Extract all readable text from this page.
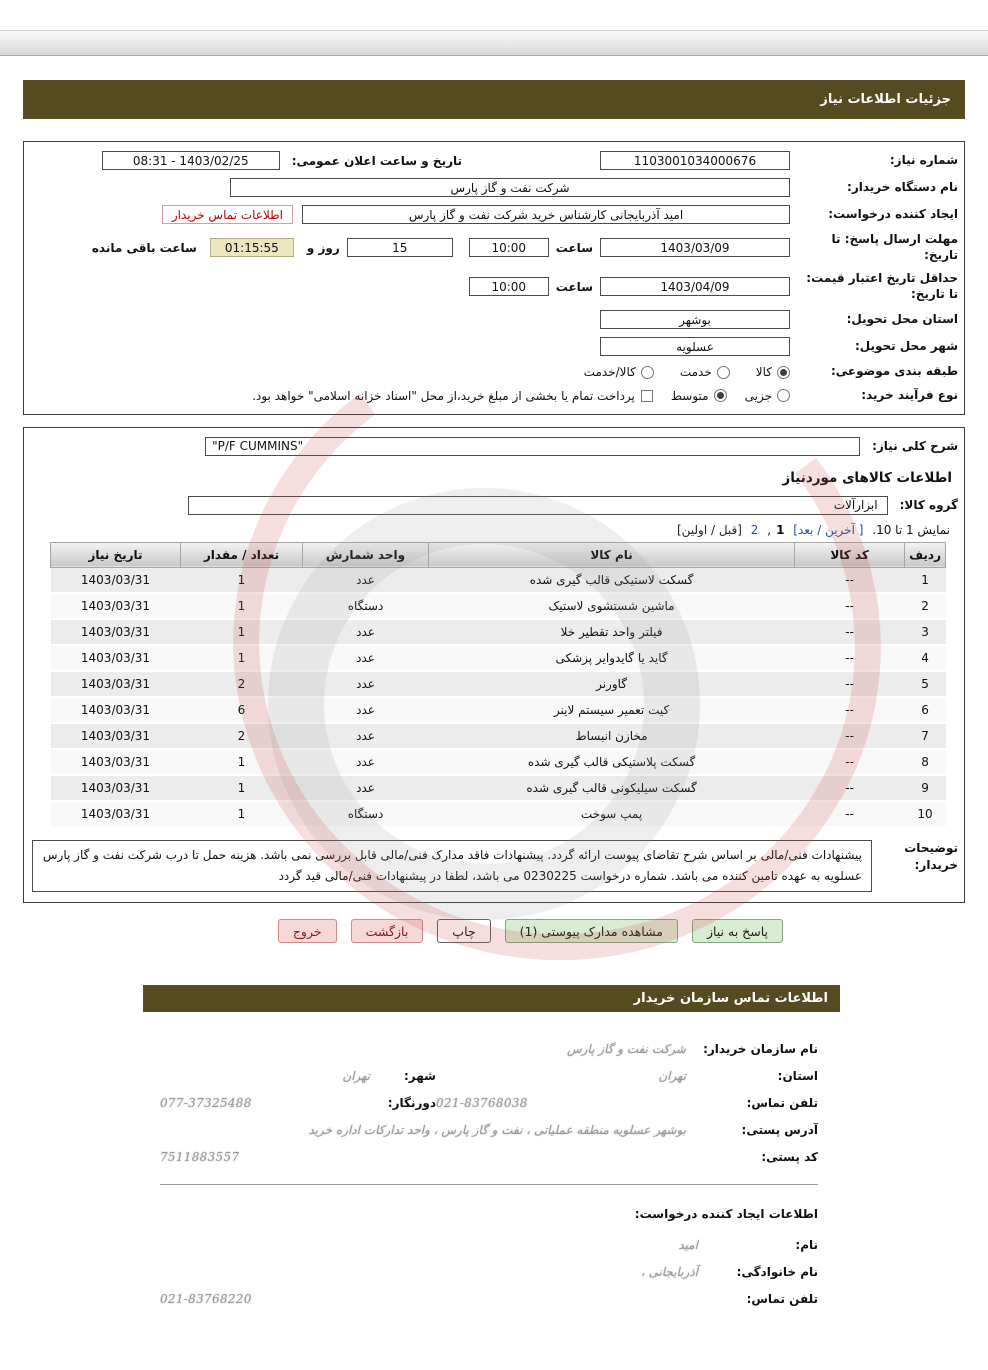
جزئیات اطلاعات نیاز
شماره نیاز:
1103001034000676
تاریخ و ساعت اعلان عمومی:
08:31 - 1403/02/25
نام دستگاه خریدار:
شرکت نفت و گاز پارس
ایجاد کننده درخواست:
امید آذربایجانی کارشناس خرید شرکت نفت و گاز پارس
اطلاعات تماس خریدار
مهلت ارسال پاسخ: تا تاریخ:
1403/03/09
ساعت
10:00
15
روز و
01:15:55
ساعت باقی مانده
حداقل تاریخ اعتبار قیمت: تا تاریخ:
1403/04/09
ساعت
10:00
استان محل تحویل:
بوشهر
شهر محل تحویل:
عسلویه
طبقه بندی موضوعی:
کالا
خدمت
کالا/خدمت
نوع فرآیند خرید:
جزیی
متوسط
پرداخت تمام یا بخشی از مبلغ خرید،از محل "اسناد خزانه اسلامی" خواهد بود.
شرح کلی نیاز:
"P/F CUMMINS"
اطلاعات کالاهای موردنیاز
گروه کالا:
ابزارآلات
نمایش 1 تا 10. [ آخرین / بعد] 1, 2 [قبل / اولین]
ردیف	کد کالا	نام کالا	واحد شمارش	تعداد / مقدار	تاریخ نیاز
1	--	گسکت لاستیکی قالب گیری شده	عدد	1	1403/03/31
2	--	ماشین شستشوی لاستیک	دستگاه	1	1403/03/31
3	--	فیلتر واحد تقطیر خلا	عدد	1	1403/03/31
4	--	گاید یا گایدوایر پزشکی	عدد	1	1403/03/31
5	--	گاورنر	عدد	2	1403/03/31
6	--	کیت تعمیر سیستم لاینر	عدد	6	1403/03/31
7	--	مخازن انبساط	عدد	2	1403/03/31
8	--	گسکت پلاستیکی قالب گیری شده	عدد	1	1403/03/31
9	--	گسکت سیلیکونی قالب گیری شده	عدد	1	1403/03/31
10	--	پمپ سوخت	دستگاه	1	1403/03/31
توضیحات خریدار:
پیشنهادات فنی/مالی بر اساس شرح تقاضای پیوست ارائه گردد. پیشنهادات فاقد مدارک فنی/مالی قابل بررسی نمی باشد. هزینه حمل تا درب شرکت نفت و گاز پارس عسلویه به عهده تامین کننده می باشد. شماره درخواست 0230225 می باشد، لطفا در پیشنهادات فنی/مالی قید گردد
پاسخ به نیاز
مشاهده مدارک پیوستی (1)
چاپ
بازگشت
خروج
اطلاعات تماس سازمان خریدار
نام سازمان خریدار:
شرکت نفت و گاز پارس
استان:
تهران
شهر:
تهران
تلفن تماس:
021-83768038
دورنگار:
077-37325488
آدرس پستی:
بوشهر عسلویه منطقه عملیاتی ، نفت و گاز پارس ، واحد تدارکات اداره خرید
کد پستی:
7511883557
اطلاعات ایجاد کننده درخواست:
نام:
امید
نام خانوادگی:
آذربایجانی ،
تلفن تماس:
021-83768220
